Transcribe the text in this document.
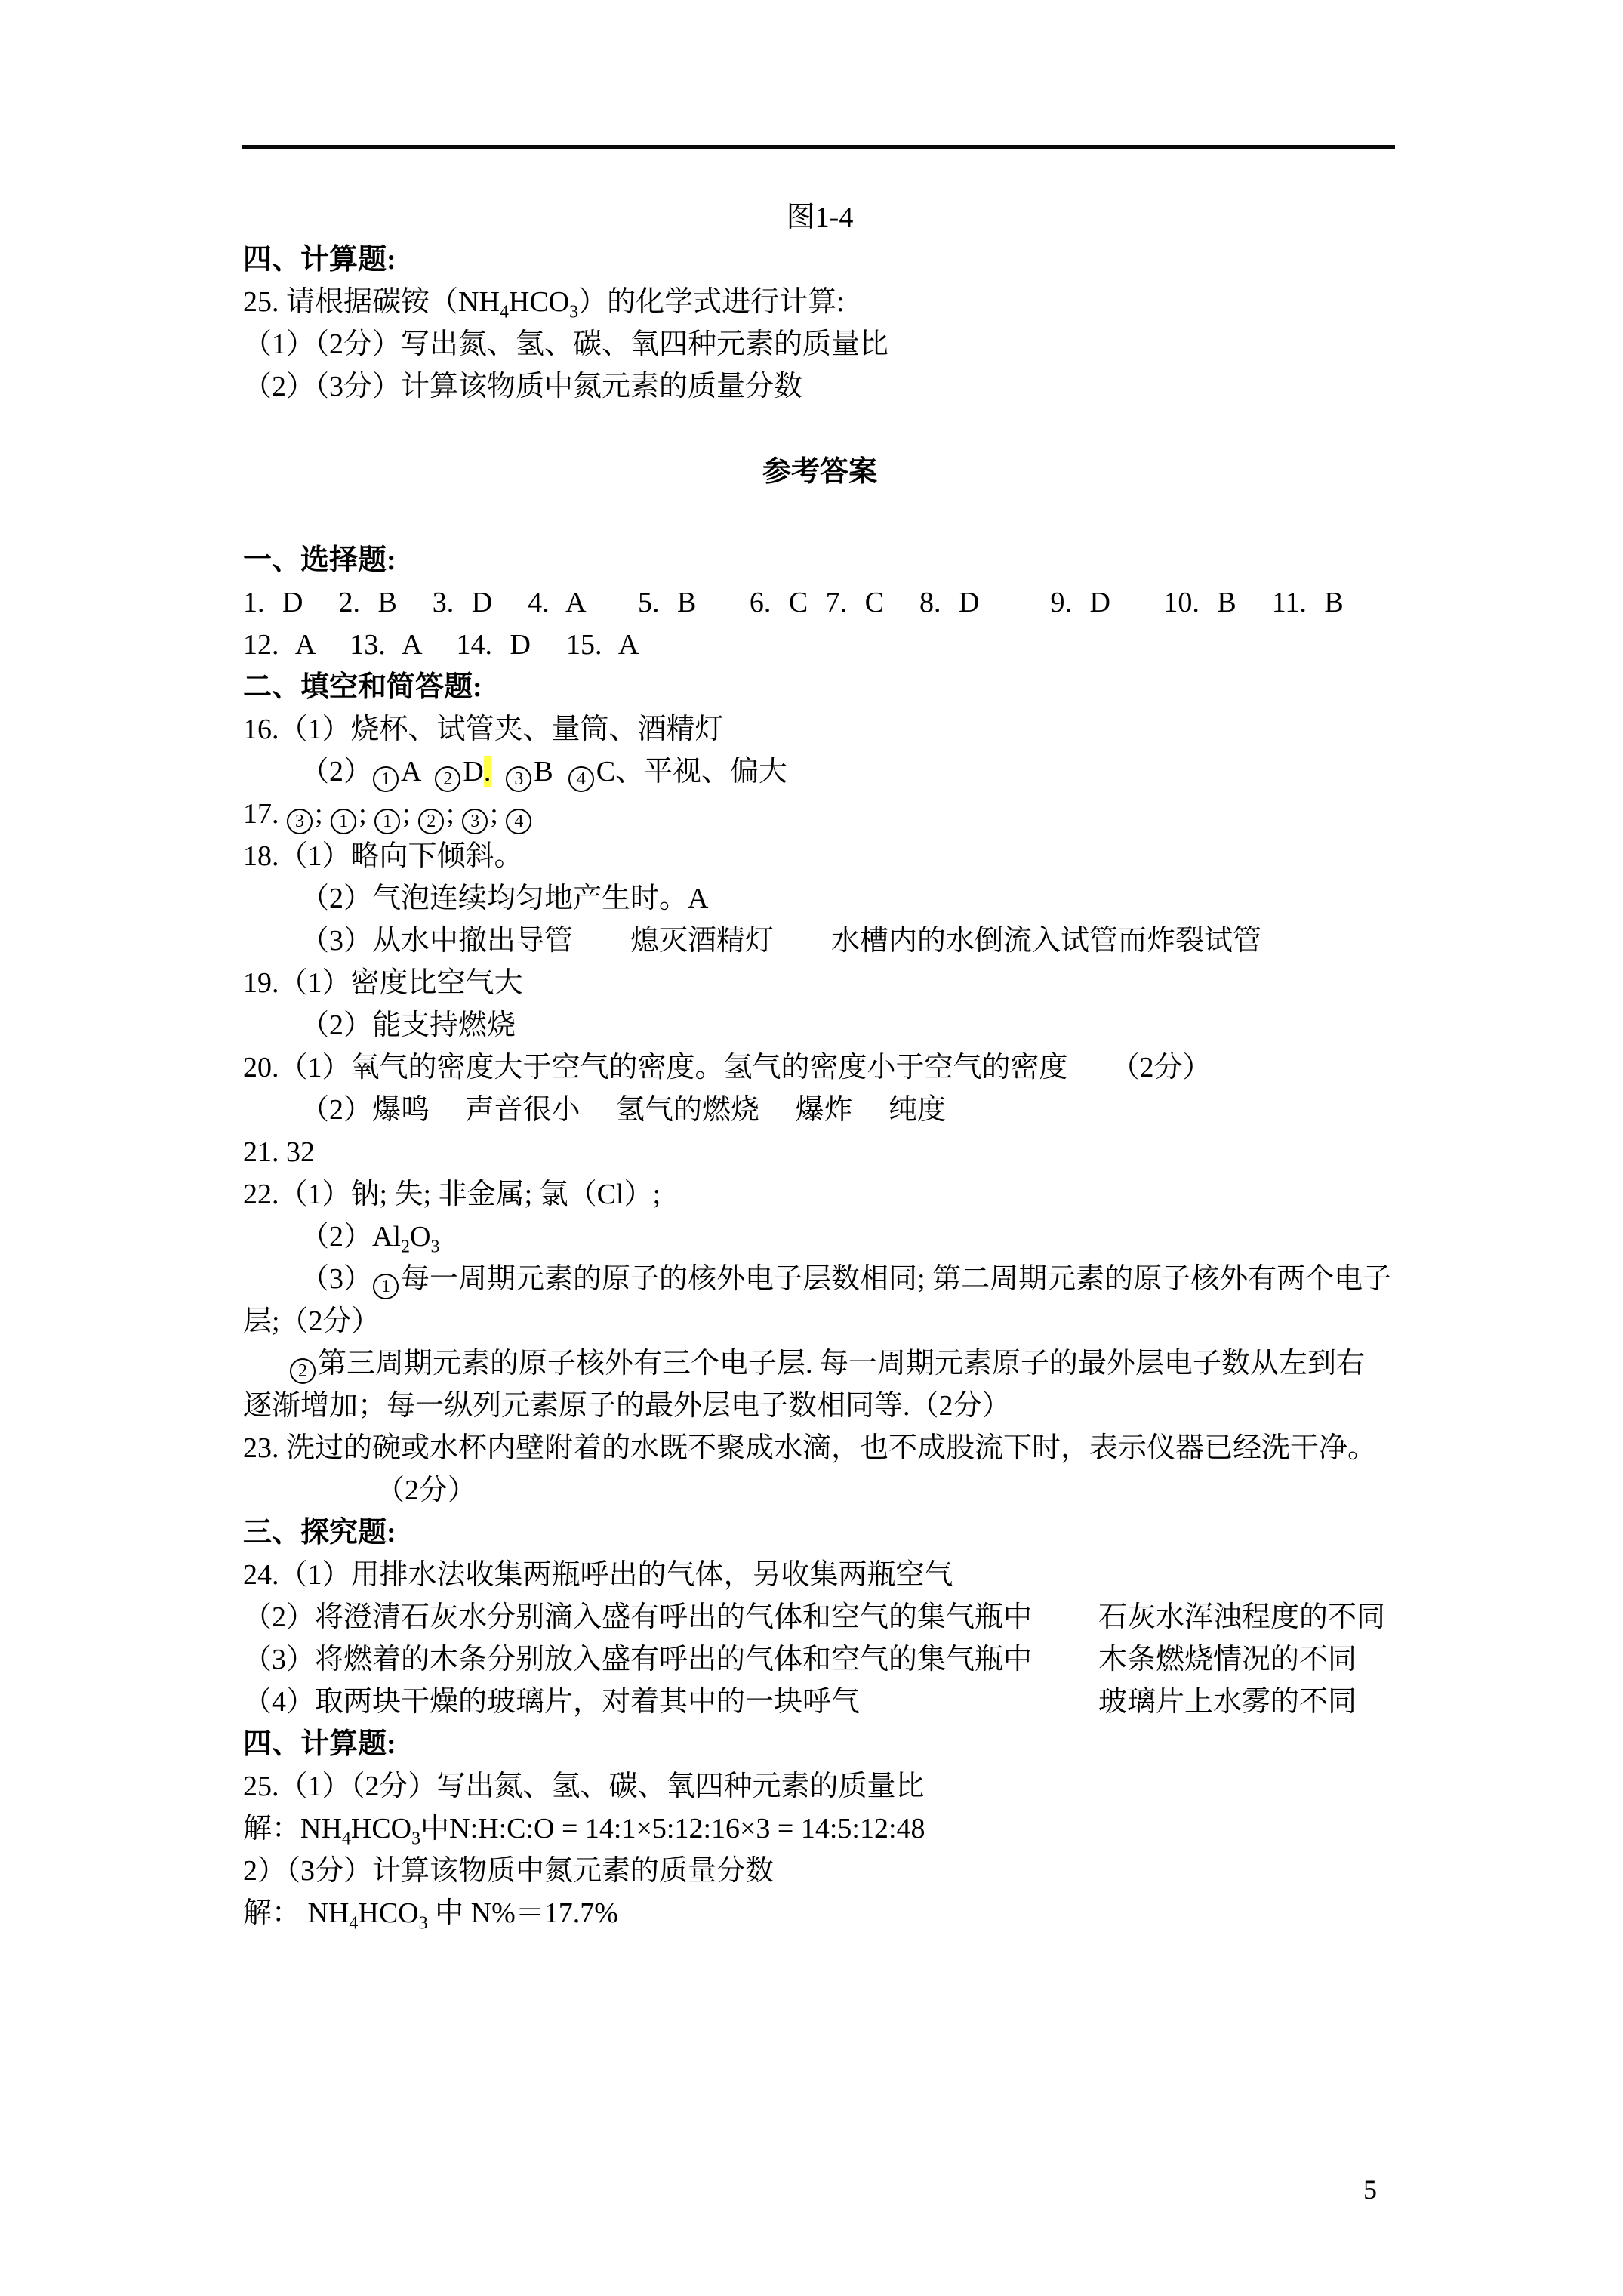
图1-4
四、计算题:
25. 请根据碳铵$(NH_4HCO_3)$的化学式进行计算:
（1）（2分）写出氮、氢、碳、氧四种元素的质量比
（2）（3分）计算该物质中氮元素的质量分数
参考答案
一、选择题:
1. D  2. B  3. D  4. A   5. B   6. C 7. C  8. D    9. D   10. B  11. B
12. A  13. A  14. D  15. A
二、填空和简答题:
16.（1）烧杯、试管夹、量筒、酒精灯
（2） 1 A  2 D. 3 B  4 C、平视、偏大
17. 3 ; 1 ; 1 ; 2 ; 3 ; 4
18.（1）略向下倾斜。
（2）气泡连续均匀地产生时。A
（3）从水中撤出导管　　熄灭酒精灯　　水槽内的水倒流入试管而炸裂试管
19.（1）密度比空气大
（2）能支持燃烧
20.（1）氧气的密度大于空气的密度。氢气的密度小于空气的密度　　（2分）
（2）爆鸣　 声音很小　 氢气的燃烧　 爆炸　 纯度
21. 32
22.（1）钠; 失; 非金属; 氯（Cl）;
$(2)Al_2O_3$
（3） 1 每一周期元素的原子的核外电子层数相同; 第二周期元素的原子核外有两个电子
层;（2分）
2 第三周期元素的原子核外有三个电子层. 每一周期元素原子的最外层电子数从左到右
逐渐增加；每一纵列元素原子的最外层电子数相同等.（2分）
23. 洗过的碗或水杯内壁附着的水既不聚成水滴，也不成股流下时，表示仪器已经洗干净。
（2分）
三、探究题:
24.（1）用排水法收集两瓶呼出的气体，另收集两瓶空气
（2）将澄清石灰水分别滴入盛有呼出的气体和空气的集气瓶中 石灰水浑浊程度的不同
（3）将燃着的木条分别放入盛有呼出的气体和空气的集气瓶中 木条燃烧情况的不同
（4）取两块干燥的玻璃片，对着其中的一块呼气	玻璃片上水雾的不同
四、计算题:
25.（1）（2分）写出氮、氢、碳、氧四种元素的质量比
解：$NH_4HCO_3$中N:H:C:O = 14:1×5:12:16×3 = 14:5:12:48
2）（3分）计算该物质中氮元素的质量分数
解： $NH_4HCO_3$ 中 N%＝17.7%
5
